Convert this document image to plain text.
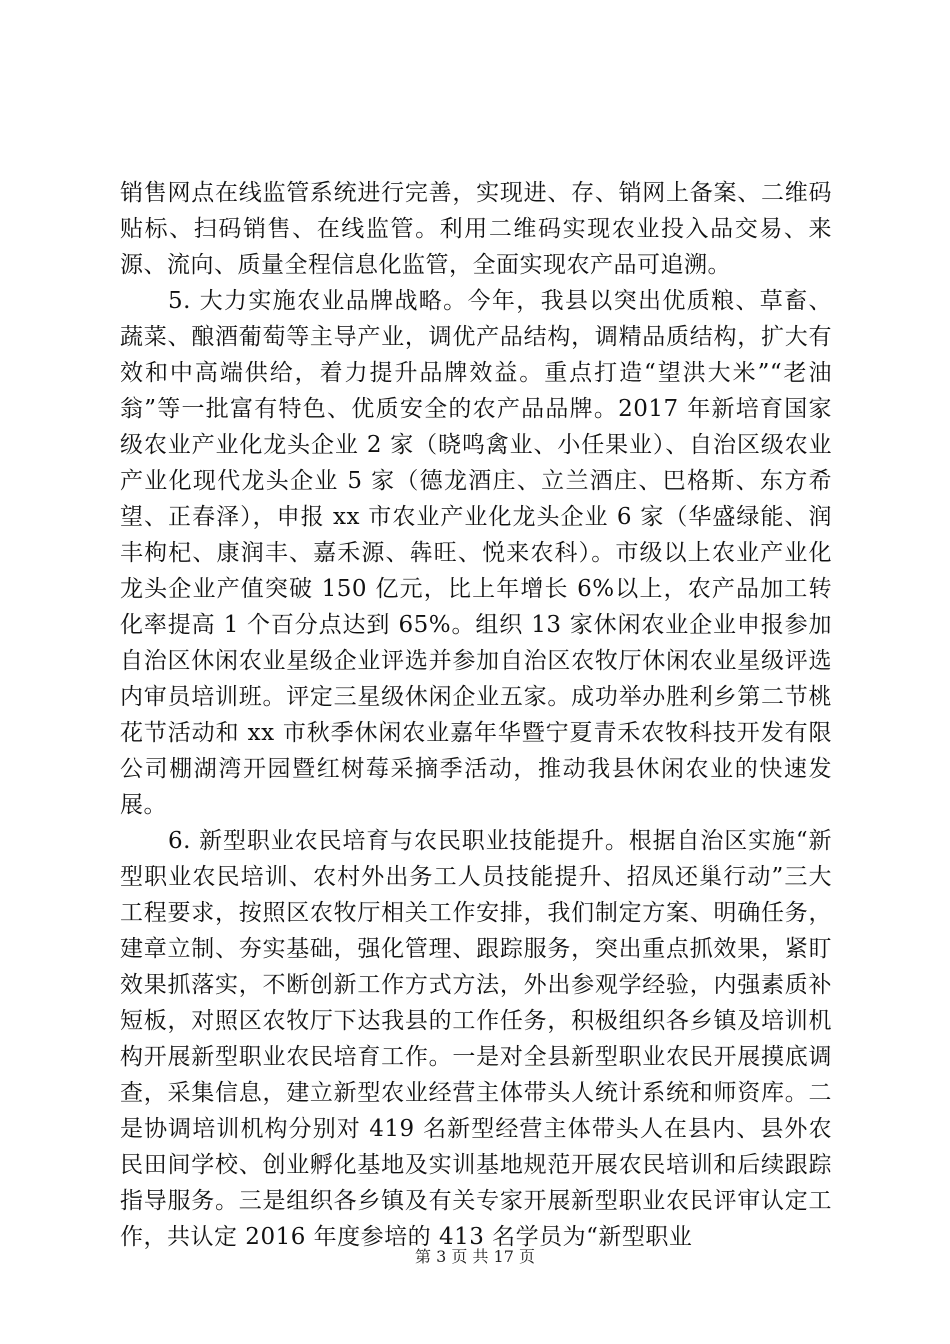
销售网点在线监管系统进行完善，实现进、存、销网上备案、二维码贴标、扫码销售、在线监管。利用二维码实现农业投入品交易、来源、流向、质量全程信息化监管，全面实现农产品可追溯。

5. 大力实施农业品牌战略。今年，我县以突出优质粮、草畜、蔬菜、酿酒葡萄等主导产业，调优产品结构，调精品质结构，扩大有效和中高端供给，着力提升品牌效益。重点打造“望洪大米”“老油翁”等一批富有特色、优质安全的农产品品牌。2017 年新培育国家级农业产业化龙头企业 2 家（晓鸣禽业、小任果业）、自治区级农业产业化现代龙头企业 5 家（德龙酒庄、立兰酒庄、巴格斯、东方希望、正春泽），申报 xx 市农业产业化龙头企业 6 家（华盛绿能、润丰枸杞、康润丰、嘉禾源、犇旺、悦来农科）。市级以上农业产业化龙头企业产值突破 150 亿元，比上年增长 6%以上，农产品加工转化率提高 1 个百分点达到 65%。组织 13 家休闲农业企业申报参加自治区休闲农业星级企业评选并参加自治区农牧厅休闲农业星级评选内审员培训班。评定三星级休闲企业五家。成功举办胜利乡第二节桃花节活动和 xx 市秋季休闲农业嘉年华暨宁夏青禾农牧科技开发有限公司棚湖湾开园暨红树莓采摘季活动，推动我县休闲农业的快速发展。

6. 新型职业农民培育与农民职业技能提升。根据自治区实施“新型职业农民培训、农村外出务工人员技能提升、招凤还巢行动”三大工程要求，按照区农牧厅相关工作安排，我们制定方案、明确任务，建章立制、夯实基础，强化管理、跟踪服务，突出重点抓效果，紧盯效果抓落实，不断创新工作方式方法，外出参观学经验，内强素质补短板，对照区农牧厅下达我县的工作任务，积极组织各乡镇及培训机构开展新型职业农民培育工作。一是对全县新型职业农民开展摸底调查，采集信息，建立新型农业经营主体带头人统计系统和师资库。二是协调培训机构分别对 419 名新型经营主体带头人在县内、县外农民田间学校、创业孵化基地及实训基地规范开展农民培训和后续跟踪指导服务。三是组织各乡镇及有关专家开展新型职业农民评审认定工作，共认定 2016 年度参培的 413 名学员为“新型职业

第 3 页 共 17 页
